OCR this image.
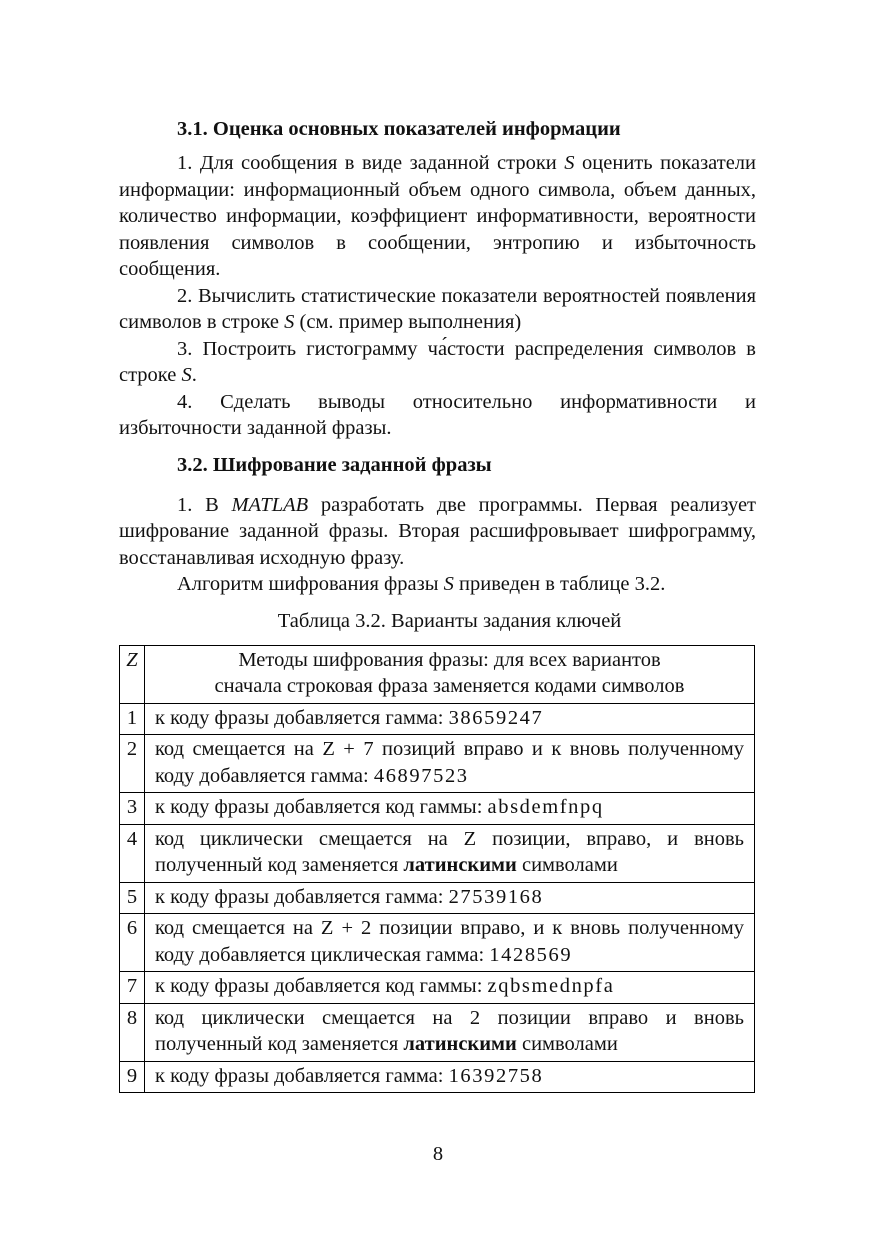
3.1. Оценка основных показателей информации

1. Для сообщения в виде заданной строки S оценить показатели информации: информационный объем одного символа, объем данных, количество информации, коэффициент информативности, вероятности появления символов в сообщении, энтропию и избыточность сообщения.

2. Вычислить статистические показатели вероятностей появления символов в строке S (см. пример выполнения)

3. Построить гистограмму ча́стости распределения символов в строке S.

4. Сделать выводы относительно информативности и избыточности заданной фразы.

3.2. Шифрование заданной фразы

1. В MATLAB разработать две программы. Первая реализует шифрование заданной фразы. Вторая расшифровывает шифрограмму, восстанавливая исходную фразу.

Алгоритм шифрования фразы S приведен в таблице 3.2.

Таблица 3.2. Варианты задания ключей
Z	Методы шифрования фразы: для всех вариантов
сначала строковая фраза заменяется кодами символов
1	к коду фразы добавляется гамма: 38659247
2	код смещается на Z + 7 позиций вправо и к вновь полученному коду добавляется гамма: 46897523
3	к коду фразы добавляется код гаммы: absdemfnpq
4	код циклически смещается на Z позиции, вправо, и вновь полученный код заменяется латинскими символами
5	к коду фразы добавляется гамма: 27539168
6	код смещается на Z + 2 позиции вправо, и к вновь полученному коду добавляется циклическая гамма: 1428569
7	к коду фразы добавляется код гаммы: zqbsmednpfa
8	код циклически смещается на 2 позиции вправо и вновь полученный код заменяется латинскими символами
9	к коду фразы добавляется гамма: 16392758
8
